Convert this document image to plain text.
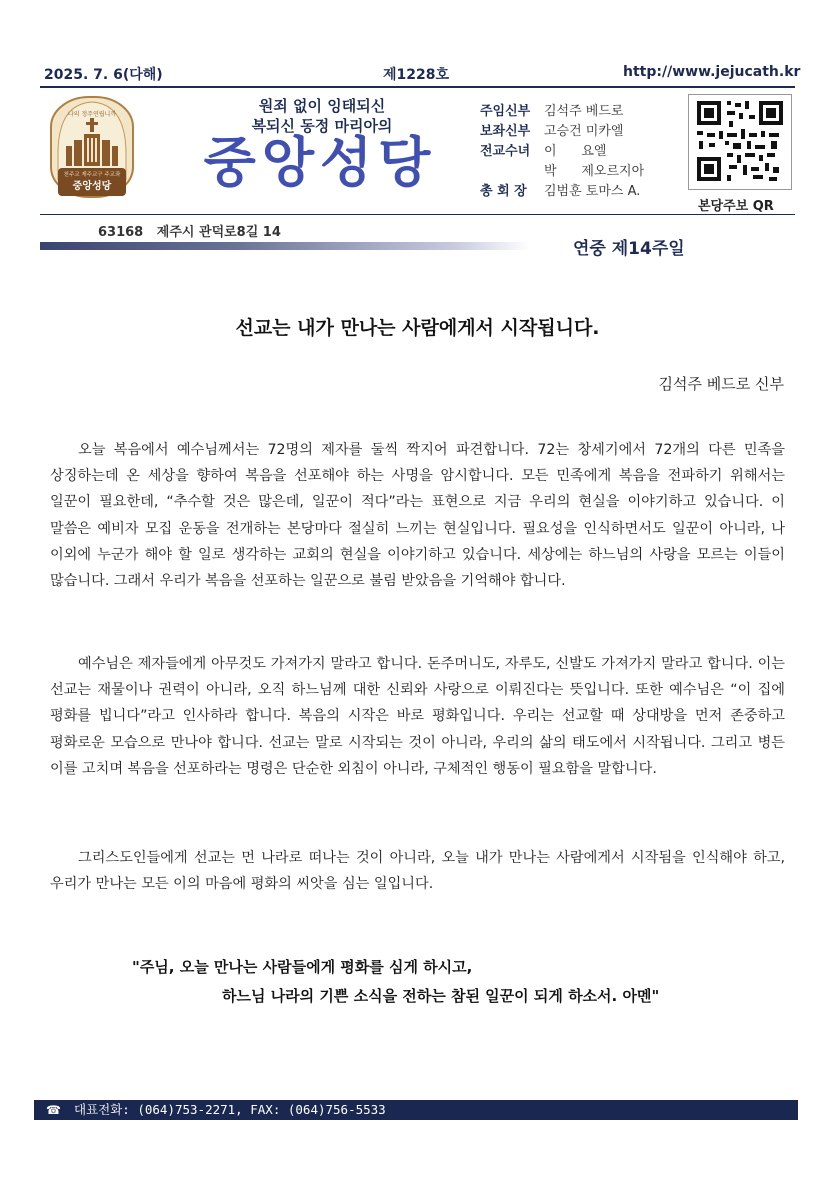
2025. 7. 6(다해)	제1228호	http://www.jejucath.kr
나의 정주연립니까
천주교 제주교구 주교좌
중앙성당
원죄 없이 잉태되신
복되신 동정 마리아의
중앙성당
주임신부	김석주 베드로
보좌신부	고승건 미카엘
전교수녀	이      요엘
박      제오르지아
총 회 장	김범훈 토마스 A.
본당주보 QR
63168   제주시 관덕로8길 14
연중 제14주일
선교는 내가 만나는 사람에게서 시작됩니다.
김석주 베드로 신부
오늘 복음에서 예수님께서는 72명의 제자를 둘씩 짝지어 파견합니다. 72는 창세기에서 72개의 다른 민족을 상징하는데 온 세상을 향하여 복음을 선포해야 하는 사명을 암시합니다. 모든 민족에게 복음을 전파하기 위해서는 일꾼이 필요한데, “추수할 것은 많은데, 일꾼이 적다”라는 표현으로 지금 우리의 현실을 이야기하고 있습니다. 이 말씀은 예비자 모집 운동을 전개하는 본당마다 절실히 느끼는 현실입니다. 필요성을 인식하면서도 일꾼이 아니라, 나 이외에 누군가 해야 할 일로 생각하는 교회의 현실을 이야기하고 있습니다. 세상에는 하느님의 사랑을 모르는 이들이 많습니다. 그래서 우리가 복음을 선포하는 일꾼으로 불림 받았음을 기억해야 합니다.
예수님은 제자들에게 아무것도 가져가지 말라고 합니다. 돈주머니도, 자루도, 신발도 가져가지 말라고 합니다. 이는 선교는 재물이나 권력이 아니라, 오직 하느님께 대한 신뢰와 사랑으로 이뤄진다는 뜻입니다. 또한 예수님은 “이 집에 평화를 빕니다”라고 인사하라 합니다. 복음의 시작은 바로 평화입니다. 우리는 선교할 때 상대방을 먼저 존중하고 평화로운 모습으로 만나야 합니다. 선교는 말로 시작되는 것이 아니라, 우리의 삶의 태도에서 시작됩니다. 그리고 병든 이를 고치며 복음을 선포하라는 명령은 단순한 외침이 아니라, 구체적인 행동이 필요함을 말합니다.
그리스도인들에게 선교는 먼 나라로 떠나는 것이 아니라, 오늘 내가 만나는 사람에게서 시작됨을 인식해야 하고, 우리가 만나는 모든 이의 마음에 평화의 씨앗을 심는 일입니다.
"주님, 오늘 만나는 사람들에게 평화를 심게 하시고,
하느님 나라의 기쁜 소식을 전하는 참된 일꾼이 되게 하소서. 아멘"
☎ 대표전화: (064)753-2271, FAX: (064)756-5533
